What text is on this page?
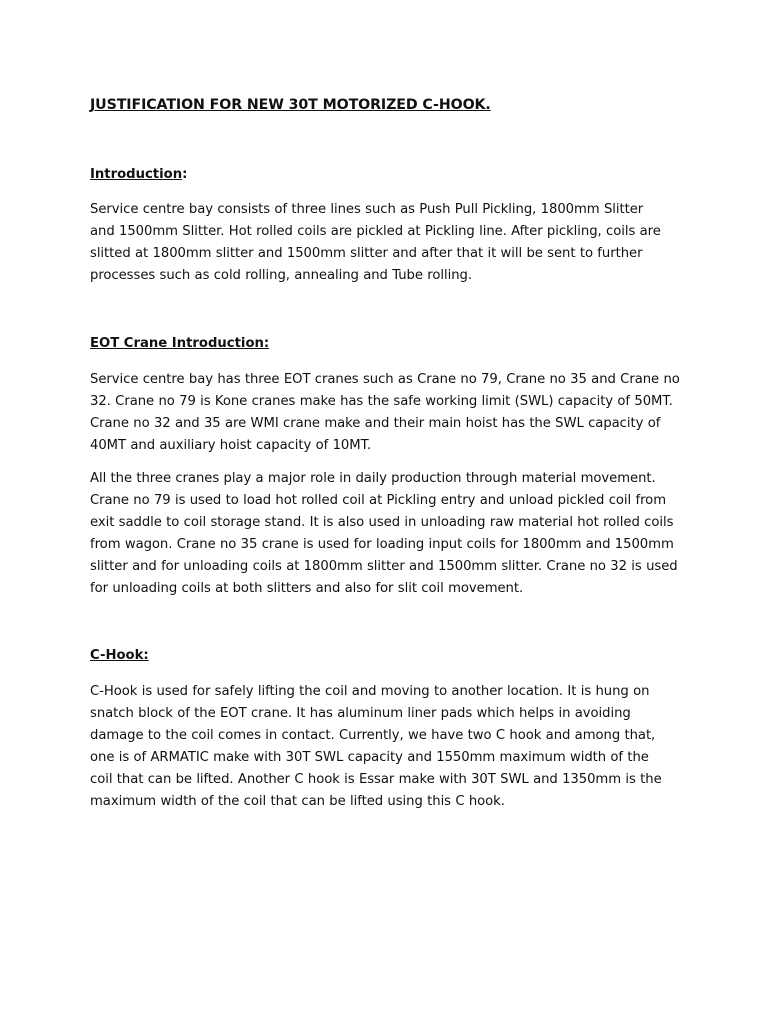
JUSTIFICATION FOR NEW 30T MOTORIZED C-HOOK.
Introduction:

Service centre bay consists of three lines such as Push Pull Pickling, 1800mm Slitter and 1500mm Slitter. Hot rolled coils are pickled at Pickling line. After pickling, coils are slitted at 1800mm slitter and 1500mm slitter and after that it will be sent to further processes such as cold rolling, annealing and Tube rolling.

EOT Crane Introduction:

Service centre bay has three EOT cranes such as Crane no 79, Crane no 35 and Crane no 32. Crane no 79 is Kone cranes make has the safe working limit (SWL) capacity of 50MT. Crane no 32 and 35 are WMI crane make and their main hoist has the SWL capacity of 40MT and auxiliary hoist capacity of 10MT.

All the three cranes play a major role in daily production through material movement. Crane no 79 is used to load hot rolled coil at Pickling entry and unload pickled coil from exit saddle to coil storage stand. It is also used in unloading raw material hot rolled coils from wagon. Crane no 35 crane is used for loading input coils for 1800mm and 1500mm slitter and for unloading coils at 1800mm slitter and 1500mm slitter. Crane no 32 is used for unloading coils at both slitters and also for slit coil movement.

C-Hook:

C-Hook is used for safely lifting the coil and moving to another location. It is hung on snatch block of the EOT crane. It has aluminum liner pads which helps in avoiding damage to the coil comes in contact. Currently, we have two C hook and among that, one is of ARMATIC make with 30T SWL capacity and 1550mm maximum width of the coil that can be lifted. Another C hook is Essar make with 30T SWL and 1350mm is the maximum width of the coil that can be lifted using this C hook.
